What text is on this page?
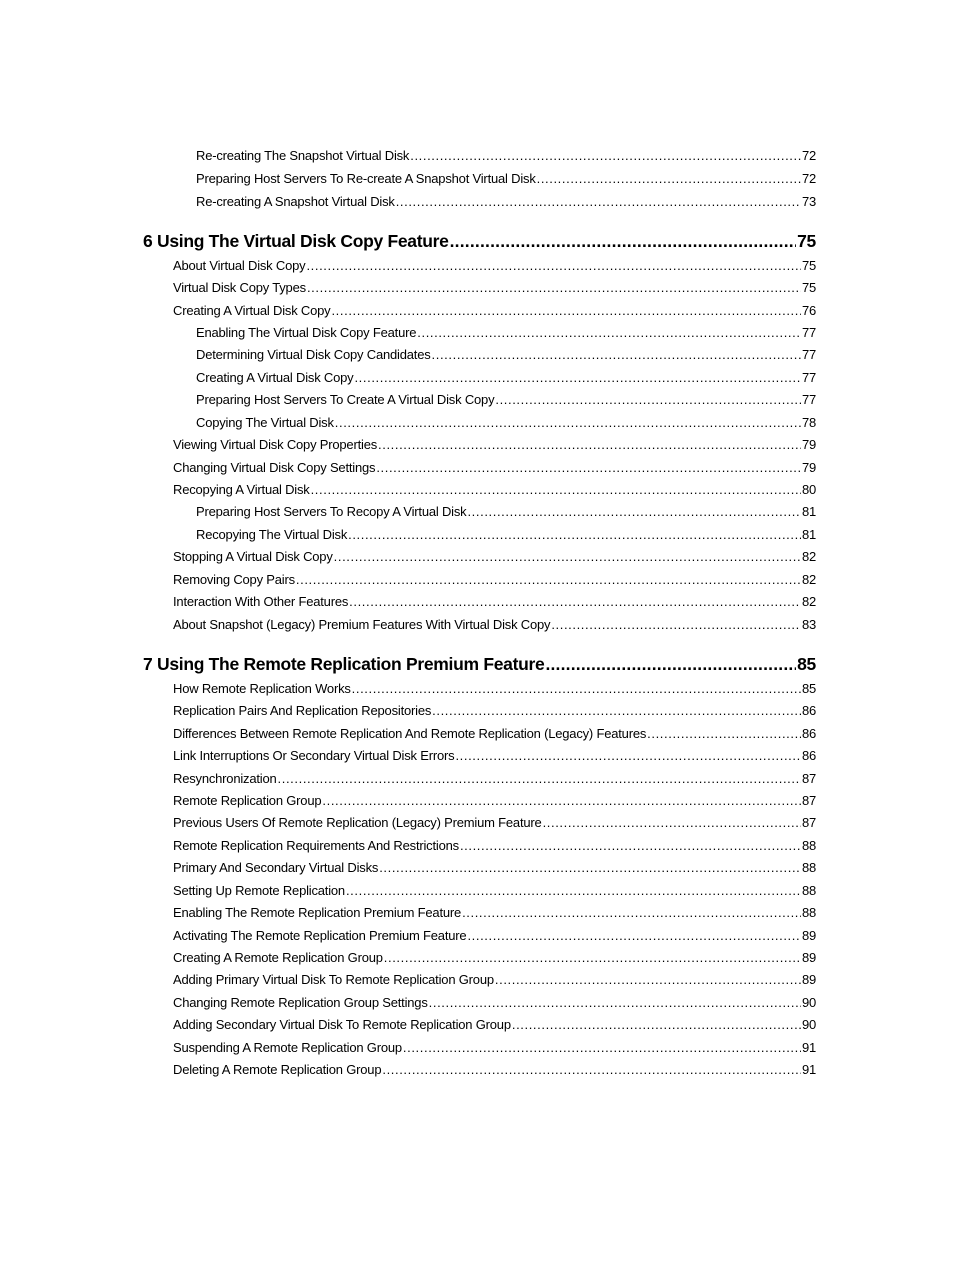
Re-creating The Snapshot Virtual Disk .....	72
Preparing Host Servers To Re-create A Snapshot Virtual Disk .....	72
Re-creating A Snapshot Virtual Disk .....	73
6 Using The Virtual Disk Copy Feature .....	75
About Virtual Disk Copy .....	75
Virtual Disk Copy Types .....	75
Creating A Virtual Disk Copy .....	76
Enabling The Virtual Disk Copy Feature .....	77
Determining Virtual Disk Copy Candidates .....	77
Creating A Virtual Disk Copy .....	77
Preparing Host Servers To Create A Virtual Disk Copy .....	77
Copying The Virtual Disk .....	78
Viewing Virtual Disk Copy Properties .....	79
Changing Virtual Disk Copy Settings .....	79
Recopying A Virtual Disk .....	80
Preparing Host Servers To Recopy A Virtual Disk .....	81
Recopying The Virtual Disk .....	81
Stopping A Virtual Disk Copy .....	82
Removing Copy Pairs .....	82
Interaction With Other Features .....	82
About Snapshot (Legacy) Premium Features With Virtual Disk Copy .....	83
7 Using The Remote Replication Premium Feature .....	85
How Remote Replication Works .....	85
Replication Pairs And Replication Repositories .....	86
Differences Between Remote Replication And Remote Replication (Legacy) Features .....	86
Link Interruptions Or Secondary Virtual Disk Errors .....	86
Resynchronization .....	87
Remote Replication Group .....	87
Previous Users Of Remote Replication (Legacy) Premium Feature .....	87
Remote Replication Requirements And Restrictions .....	88
Primary And Secondary Virtual Disks .....	88
Setting Up Remote Replication .....	88
Enabling The Remote Replication Premium Feature .....	88
Activating The Remote Replication Premium Feature .....	89
Creating A Remote Replication Group .....	89
Adding Primary Virtual Disk To Remote Replication Group .....	89
Changing Remote Replication Group Settings .....	90
Adding Secondary Virtual Disk To Remote Replication Group .....	90
Suspending A Remote Replication Group .....	91
Deleting A Remote Replication Group .....	91
